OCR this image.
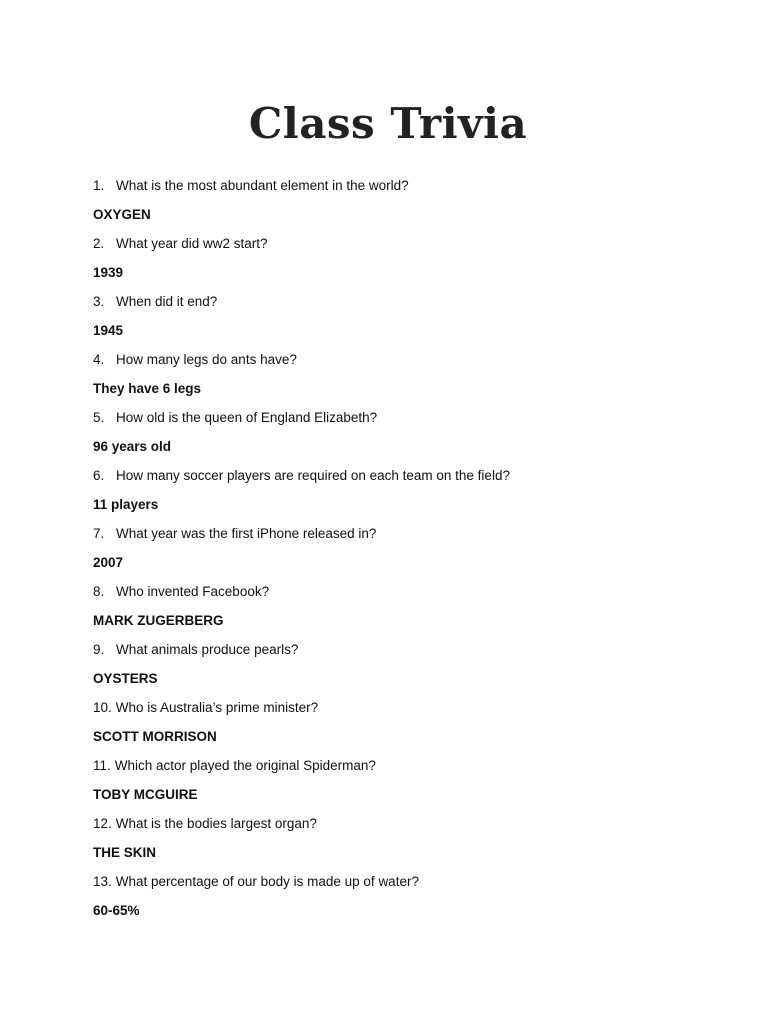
Class Trivia
1. What is the most abundant element in the world?
OXYGEN
2. What year did ww2 start?
1939
3. When did it end?
1945
4. How many legs do ants have?
They have 6 legs
5. How old is the queen of England Elizabeth?
96 years old
6. How many soccer players are required on each team on the field?
11 players
7. What year was the first iPhone released in?
2007
8. Who invented Facebook?
MARK ZUGERBERG
9. What animals produce pearls?
OYSTERS
10. Who is Australia’s prime minister?
SCOTT MORRISON
11. Which actor played the original Spiderman?
TOBY MCGUIRE
12. What is the bodies largest organ?
THE SKIN
13. What percentage of our body is made up of water?
60-65%
